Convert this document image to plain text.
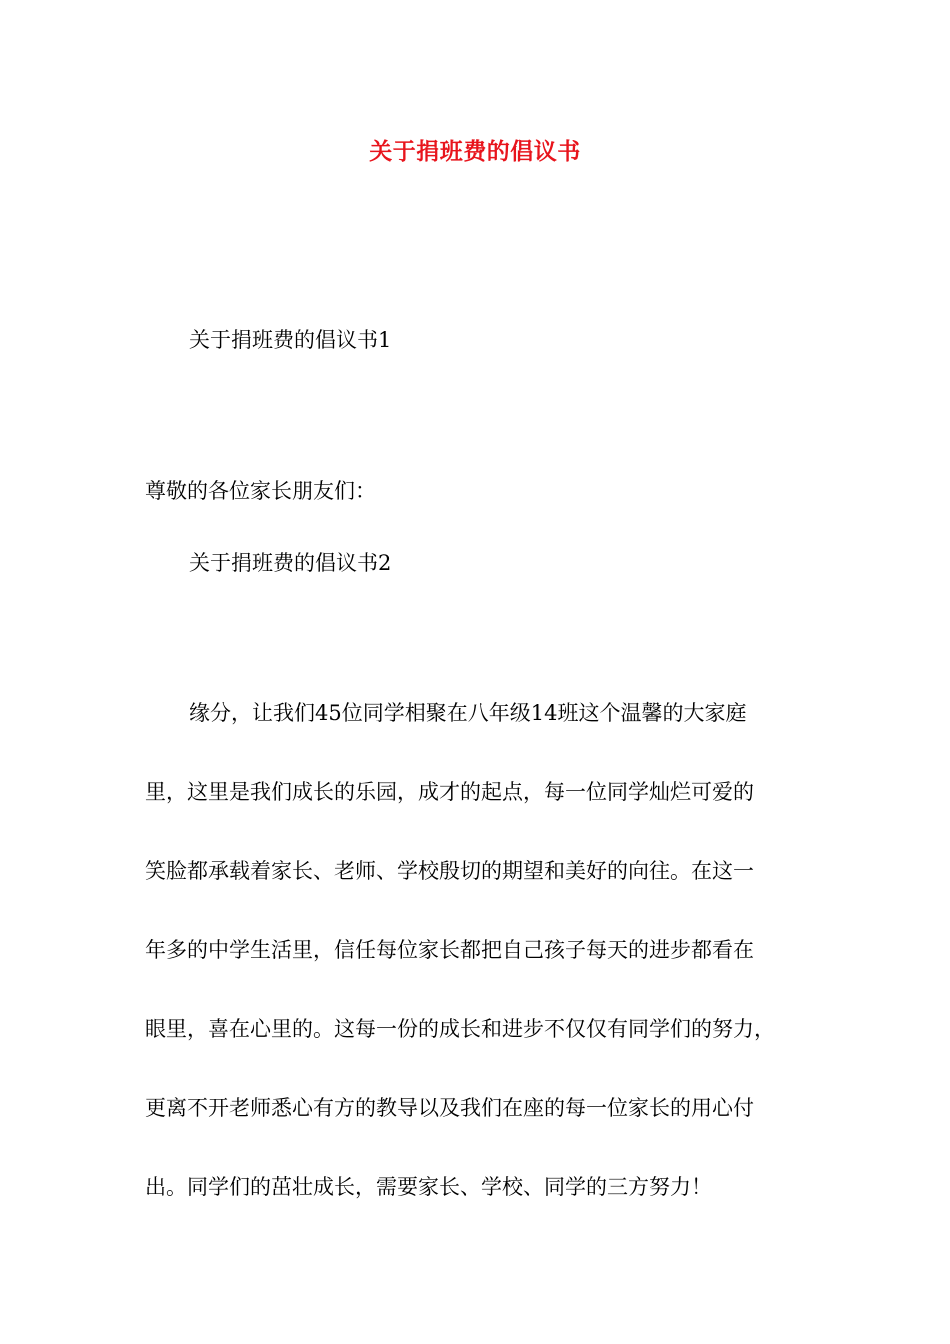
关于捐班费的倡议书
关于捐班费的倡议书1
尊敬的各位家长朋友们：
关于捐班费的倡议书2
缘分，让我们45位同学相聚在八年级14班这个温馨的大家庭
里，这里是我们成长的乐园，成才的起点，每一位同学灿烂可爱的
笑脸都承载着家长、老师、学校殷切的期望和美好的向往。在这一
年多的中学生活里，信任每位家长都把自己孩子每天的进步都看在
眼里，喜在心里的。这每一份的成长和进步不仅仅有同学们的努力，
更离不开老师悉心有方的教导以及我们在座的每一位家长的用心付
出。同学们的茁壮成长，需要家长、学校、同学的三方努力！
